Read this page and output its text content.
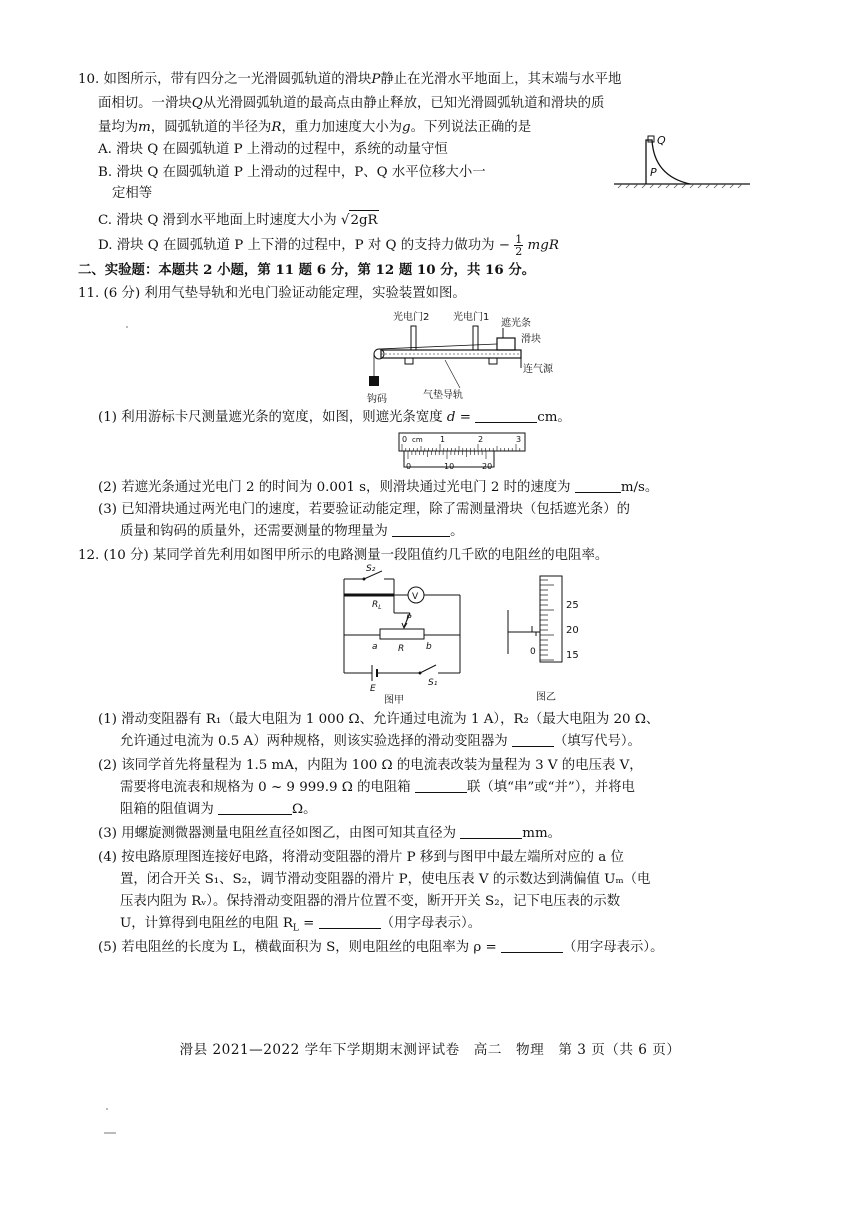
10. 如图所示，带有四分之一光滑圆弧轨道的滑块P静止在光滑水平地面上，其末端与水平地
面相切。一滑块Q从光滑圆弧轨道的最高点由静止释放，已知光滑圆弧轨道和滑块的质
量均为m，圆弧轨道的半径为R，重力加速度大小为g。下列说法正确的是
A. 滑块 Q 在圆弧轨道 P 上滑动的过程中，系统的动量守恒
B. 滑块 Q 在圆弧轨道 P 上滑动的过程中，P、Q 水平位移大小一
定相等
C. 滑块 Q 滑到水平地面上时速度大小为 √2gR
D. 滑块 Q 在圆弧轨道 P 上下滑的过程中，P 对 Q 的支持力做功为 − $\frac{1}{2}$ mgR
Q
P
二、实验题：本题共 2 小题，第 11 题 6 分，第 12 题 10 分，共 16 分。
11. (6 分) 利用气垫导轨和光电门验证动能定理，实验装置如图。
光电门2 光电门1
遮光条
滑块
连气源
气垫导轨
钩码
(1) 利用游标卡尺测量遮光条的宽度，如图，则遮光条宽度 d =	cm。
0 cm 1	2	3
0	10	20
(2) 若遮光条通过光电门 2 的时间为 0.001 s，则滑块通过光电门 2 时的速度为	m/s。
(3) 已知滑块通过两光电门的速度，若要验证动能定理，除了需测量滑块（包括遮光条）的
质量和钩码的质量外，还需要测量的物理量为	。
12. (10 分) 某同学首先利用如图甲所示的电路测量一段阻值约几千欧的电阻丝的电阻率。
S₂
$R_L$
V
P
a R b
E
S₁
图甲
25
20
15
0
图乙
(1) 滑动变阻器有 R₁（最大电阻为 1 000 Ω、允许通过电流为 1 A），R₂（最大电阻为 20 Ω、
允许通过电流为 0.5 A）两种规格，则该实验选择的滑动变阻器为	（填写代号）。
(2) 该同学首先将量程为 1.5 mA，内阻为 100 Ω 的电流表改装为量程为 3 V 的电压表 V，
需要将电流表和规格为 0 ~ 9 999.9 Ω 的电阻箱	联（填“串”或“并”），并将电
阻箱的阻值调为	Ω。
(3) 用螺旋测微器测量电阻丝直径如图乙，由图可知其直径为	mm。
(4) 按电路原理图连接好电路，将滑动变阻器的滑片 P 移到与图甲中最左端所对应的 a 位
置，闭合开关 S₁、S₂，调节滑动变阻器的滑片 P，使电压表 V 的示数达到满偏值 Uₘ（电
压表内阻为 Rᵥ）。保持滑动变阻器的滑片位置不变，断开开关 S₂，记下电压表的示数
U，计算得到电阻丝的电阻 $R_L$ =	（用字母表示）。
(5) 若电阻丝的长度为 L，横截面积为 S，则电阻丝的电阻率为 ρ =	（用字母表示）。
滑县 2021—2022 学年下学期期末测评试卷　高二　物理　第 3 页（共 6 页）
